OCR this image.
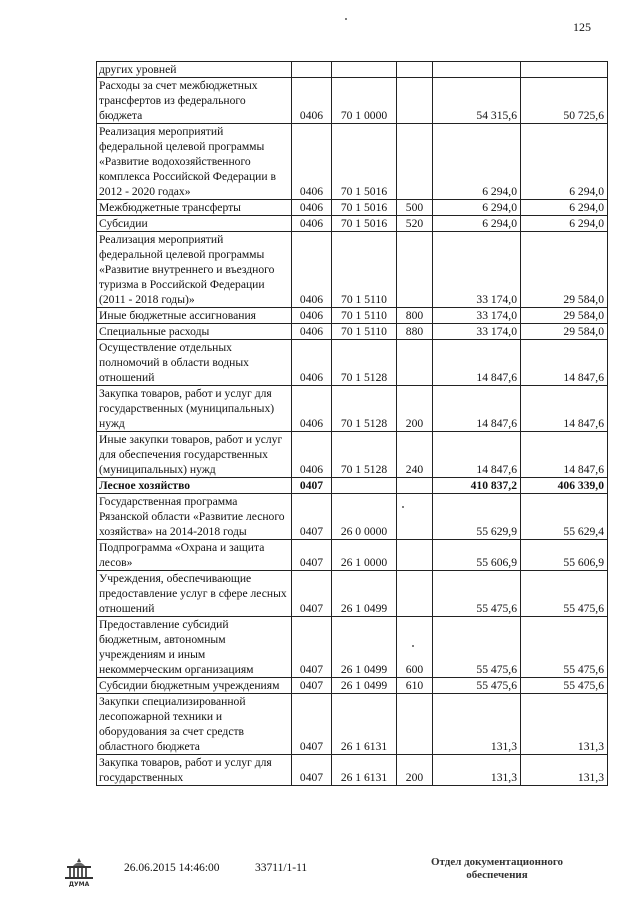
125
других уровней					
Расходы за счет межбюджетных трансфертов из федерального бюджета	0406	70 1 0000		54 315,6	50 725,6
Реализация мероприятий федеральной целевой программы «Развитие водохозяйственного комплекса Российской Федерации в 2012 - 2020 годах»	0406	70 1 5016		6 294,0	6 294,0
Межбюджетные трансферты	0406	70 1 5016	500	6 294,0	6 294,0
Субсидии	0406	70 1 5016	520	6 294,0	6 294,0
Реализация мероприятий федеральной целевой программы «Развитие внутреннего и въездного туризма в Российской Федерации (2011 - 2018 годы)»	0406	70 1 5110		33 174,0	29 584,0
Иные бюджетные ассигнования	0406	70 1 5110	800	33 174,0	29 584,0
Специальные расходы	0406	70 1 5110	880	33 174,0	29 584,0
Осуществление отдельных полномочий в области водных отношений	0406	70 1 5128		14 847,6	14 847,6
Закупка товаров, работ и услуг для государственных (муниципальных) нужд	0406	70 1 5128	200	14 847,6	14 847,6
Иные закупки товаров, работ и услуг для обеспечения государственных (муниципальных) нужд	0406	70 1 5128	240	14 847,6	14 847,6
Лесное хозяйство	0407			410 837,2	406 339,0
Государственная программа Рязанской области «Развитие лесного хозяйства» на 2014-2018 годы	0407	26 0 0000		55 629,9	55 629,4
Подпрограмма «Охрана и защита лесов»	0407	26 1 0000		55 606,9	55 606,9
Учреждения, обеспечивающие предоставление услуг в сфере лесных отношений	0407	26 1 0499		55 475,6	55 475,6
Предоставление субсидий бюджетным, автономным учреждениям и иным некоммерческим организациям	0407	26 1 0499	600	55 475,6	55 475,6
Субсидии бюджетным учреждениям	0407	26 1 0499	610	55 475,6	55 475,6
Закупки специализированной лесопожарной техники и оборудования за счет средств областного бюджета	0407	26 1 6131		131,3	131,3
Закупка товаров, работ и услуг для государственных	0407	26 1 6131	200	131,3	131,3
ДУМА
26.06.2015 14:46:00	33711/1-11	Отдел документационного
обеспечения
